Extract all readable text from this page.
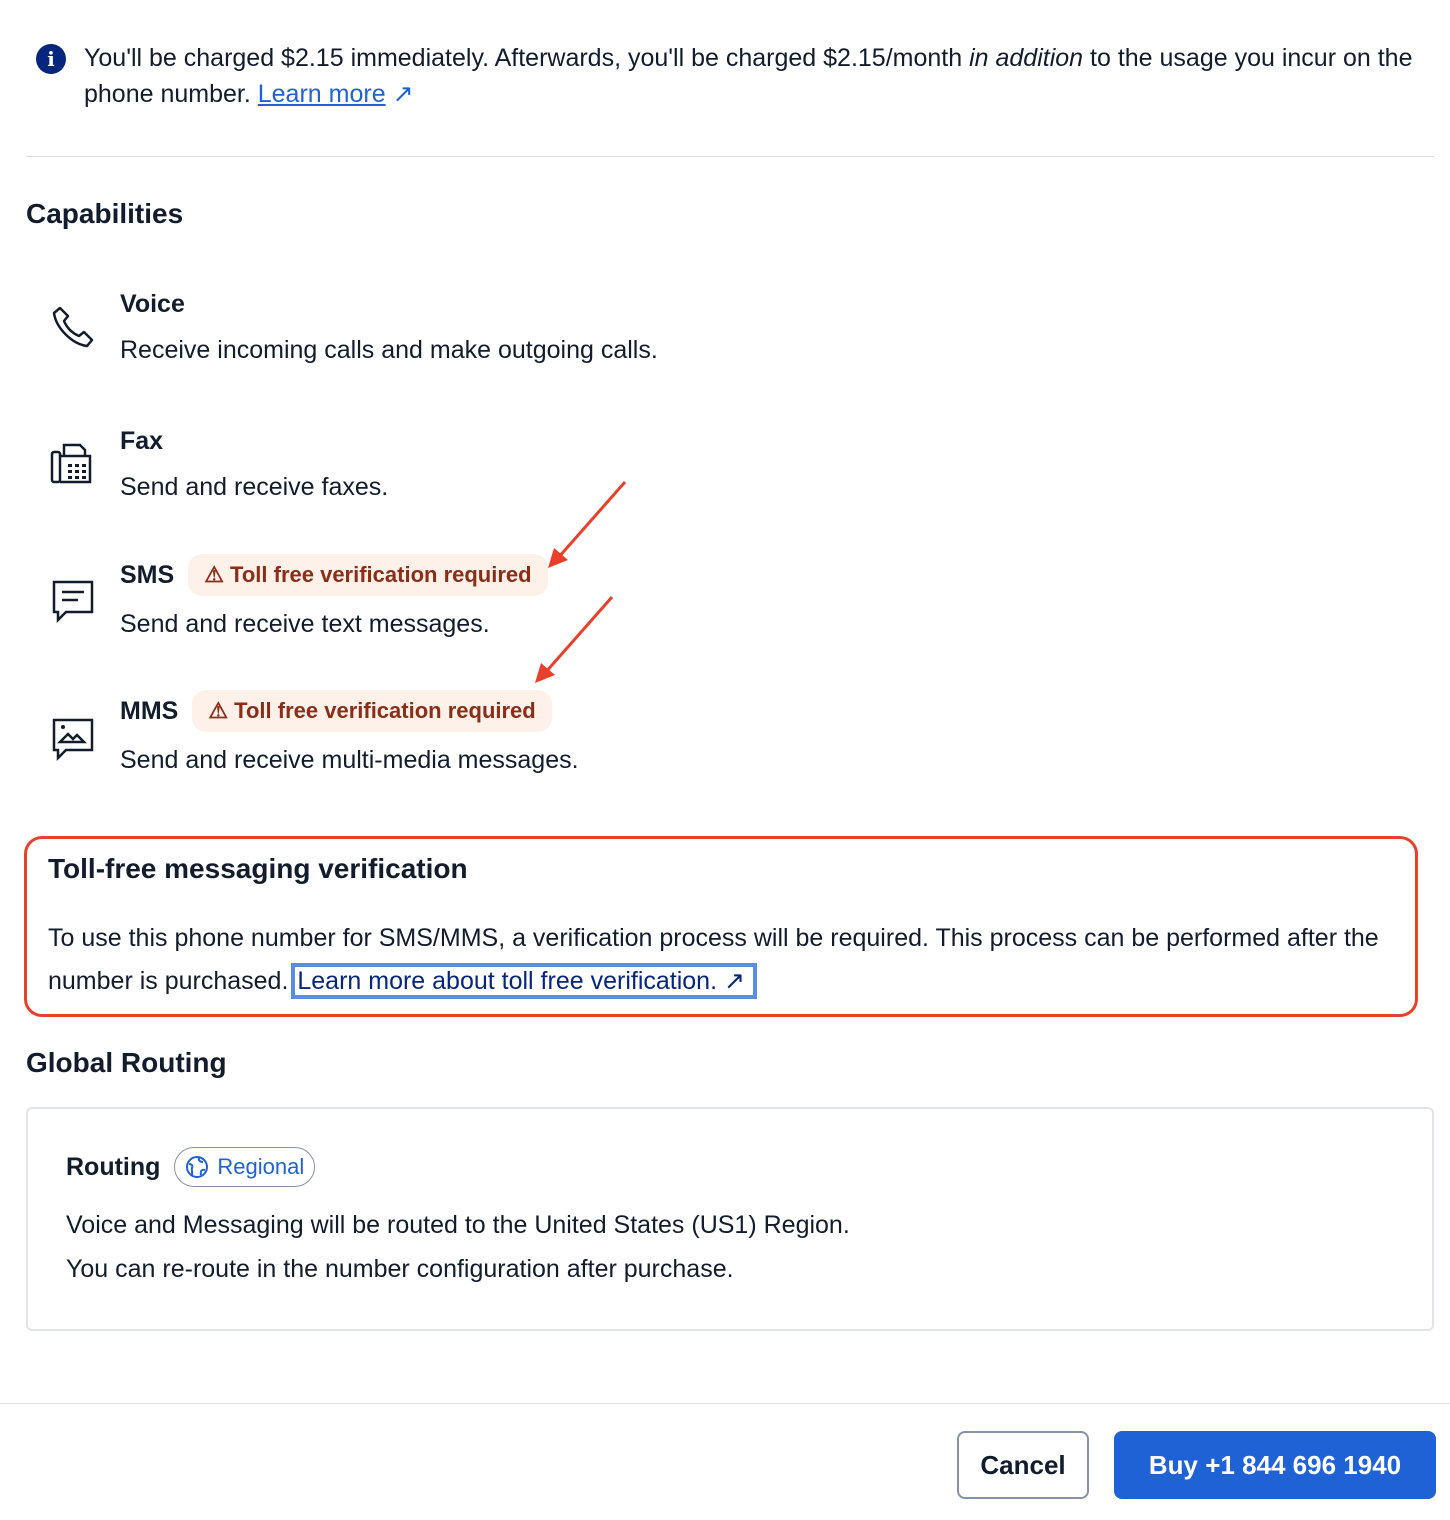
i	You'll be charged $2.15 immediately. Afterwards, you'll be charged $2.15/month in addition to the usage you incur on the phone number. Learn more ↗
Capabilities
Voice
Receive incoming calls and make outgoing calls.
Fax
Send and receive faxes.
SMS	⚠ Toll free verification required
Send and receive text messages.
MMS	⚠ Toll free verification required
Send and receive multi-media messages.
Toll-free messaging verification
To use this phone number for SMS/MMS, a verification process will be required. This process can be performed after the number is purchased. Learn more about toll free verification. ↗
Global Routing
Routing	Regional
Voice and Messaging will be routed to the United States (US1) Region.
You can re-route in the number configuration after purchase.
Cancel	Buy +1 844 696 1940
